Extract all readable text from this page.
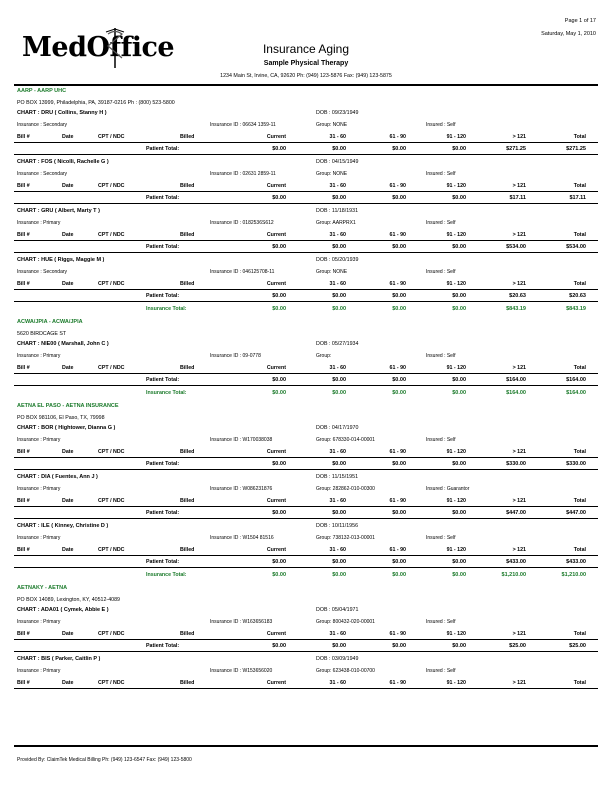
Page 1 of 17
Saturday, May 1, 2010
MedOffice	Insurance Aging
Sample Physical Therapy
1234 Main St, Irvine, CA, 92620 Ph: (949) 123-5876 Fax: (949) 123-5875
AARP - AARP UHC
PO BOX 13999, Philadelphia, PA, 39187-0216 Ph : (800) 523-5800
CHART : DRU ( Collins, Stanny H )	DOB : 09/23/1949
Insurance : Secondary	Insurance ID : 06634 1359-11	Group: NONE	Insured : Self
Bill #	Date	CPT / NDC	Billed	Current	31 - 60	61 - 90	91 - 120	> 121	Total
Patient Total:	$0.00	$0.00	$0.00	$0.00	$271.25	$271.25
CHART : FOS ( Nicolli, Rachelle G )	DOB : 04/15/1949
Insurance : Secondary	Insurance ID : 02631 2859-11	Group: NONE	Insured : Self
Bill #	Date	CPT / NDC	Billed	Current	31 - 60	61 - 90	91 - 120	> 121	Total
Patient Total:	$0.00	$0.00	$0.00	$0.00	$17.11	$17.11
CHART : GRU ( Albert, Marty T )	DOB : 11/18/1931
Insurance : Primary	Insurance ID : 0182536S612	Group: AARPRX1	Insured : Self
Bill #	Date	CPT / NDC	Billed	Current	31 - 60	61 - 90	91 - 120	> 121	Total
Patient Total:	$0.00	$0.00	$0.00	$0.00	$534.00	$534.00
CHART : HUE ( Riggs, Maggie M )	DOB : 05/20/1939
Insurance : Secondary	Insurance ID : 046125708-11	Group: NONE	Insured : Self
Bill #	Date	CPT / NDC	Billed	Current	31 - 60	61 - 90	91 - 120	> 121	Total
Patient Total:	$0.00	$0.00	$0.00	$0.00	$20.63	$20.63
Insurance Total:	$0.00	$0.00	$0.00	$0.00	$843.19	$843.19
ACWA/JPIA - ACWA/JPIA
5620 BIRDCAGE ST
CHART : NIE00 ( Marshall, John C )	DOB : 05/27/1934
Insurance : Primary	Insurance ID : 09-0778	Group:	Insured : Self
Bill #	Date	CPT / NDC	Billed	Current	31 - 60	61 - 90	91 - 120	> 121	Total
Patient Total:	$0.00	$0.00	$0.00	$0.00	$164.00	$164.00
Insurance Total:	$0.00	$0.00	$0.00	$0.00	$164.00	$164.00
AETNA EL PASO - AETNA INSURANCE
PO BOX 981106, El Paso, TX, 79998
CHART : BOR ( Hightower, Dianna G )	DOB : 04/17/1970
Insurance : Primary	Insurance ID : W170038038	Group: 678330-014-00001	Insured : Self
Bill #	Date	CPT / NDC	Billed	Current	31 - 60	61 - 90	91 - 120	> 121	Total
Patient Total:	$0.00	$0.00	$0.00	$0.00	$330.00	$330.00
CHART : DIA ( Fuentes, Ann J )	DOB : 11/15/1951
Insurance : Primary	Insurance ID : W086231876	Group: 282862-010-00300	Insured : Guarantor
Bill #	Date	CPT / NDC	Billed	Current	31 - 60	61 - 90	91 - 120	> 121	Total
Patient Total:	$0.00	$0.00	$0.00	$0.00	$447.00	$447.00
CHART : ILE ( Kinney, Christine D )	DOB : 10/11/1956
Insurance : Primary	Insurance ID : W1504 81516	Group: 738132-013-00001	Insured : Self
Bill #	Date	CPT / NDC	Billed	Current	31 - 60	61 - 90	91 - 120	> 121	Total
Patient Total:	$0.00	$0.00	$0.00	$0.00	$433.00	$433.00
Insurance Total:	$0.00	$0.00	$0.00	$0.00	$1,210.00	$1,210.00
AETNAKY - AETNA
PO BOX 14089, Lexington, KY, 40512-4089
CHART : ADA01 ( Cymek, Abbie E )	DOB : 05/04/1971
Insurance : Primary	Insurance ID : W163656183	Group: 800432-020-00001	Insured : Self
Bill #	Date	CPT / NDC	Billed	Current	31 - 60	61 - 90	91 - 120	> 121	Total
Patient Total:	$0.00	$0.00	$0.00	$0.00	$25.00	$25.00
CHART : BIS ( Parker, Caitlin P )	DOB : 03/09/1949
Insurance : Primary	Insurance ID : W153656020	Group: 623438-010-00700	Insured : Self
Bill #	Date	CPT / NDC	Billed	Current	31 - 60	61 - 90	91 - 120	> 121	Total
Provided By: ClaimTek Medical Billing Ph: (949) 123-6547 Fax: (949) 123-5800
